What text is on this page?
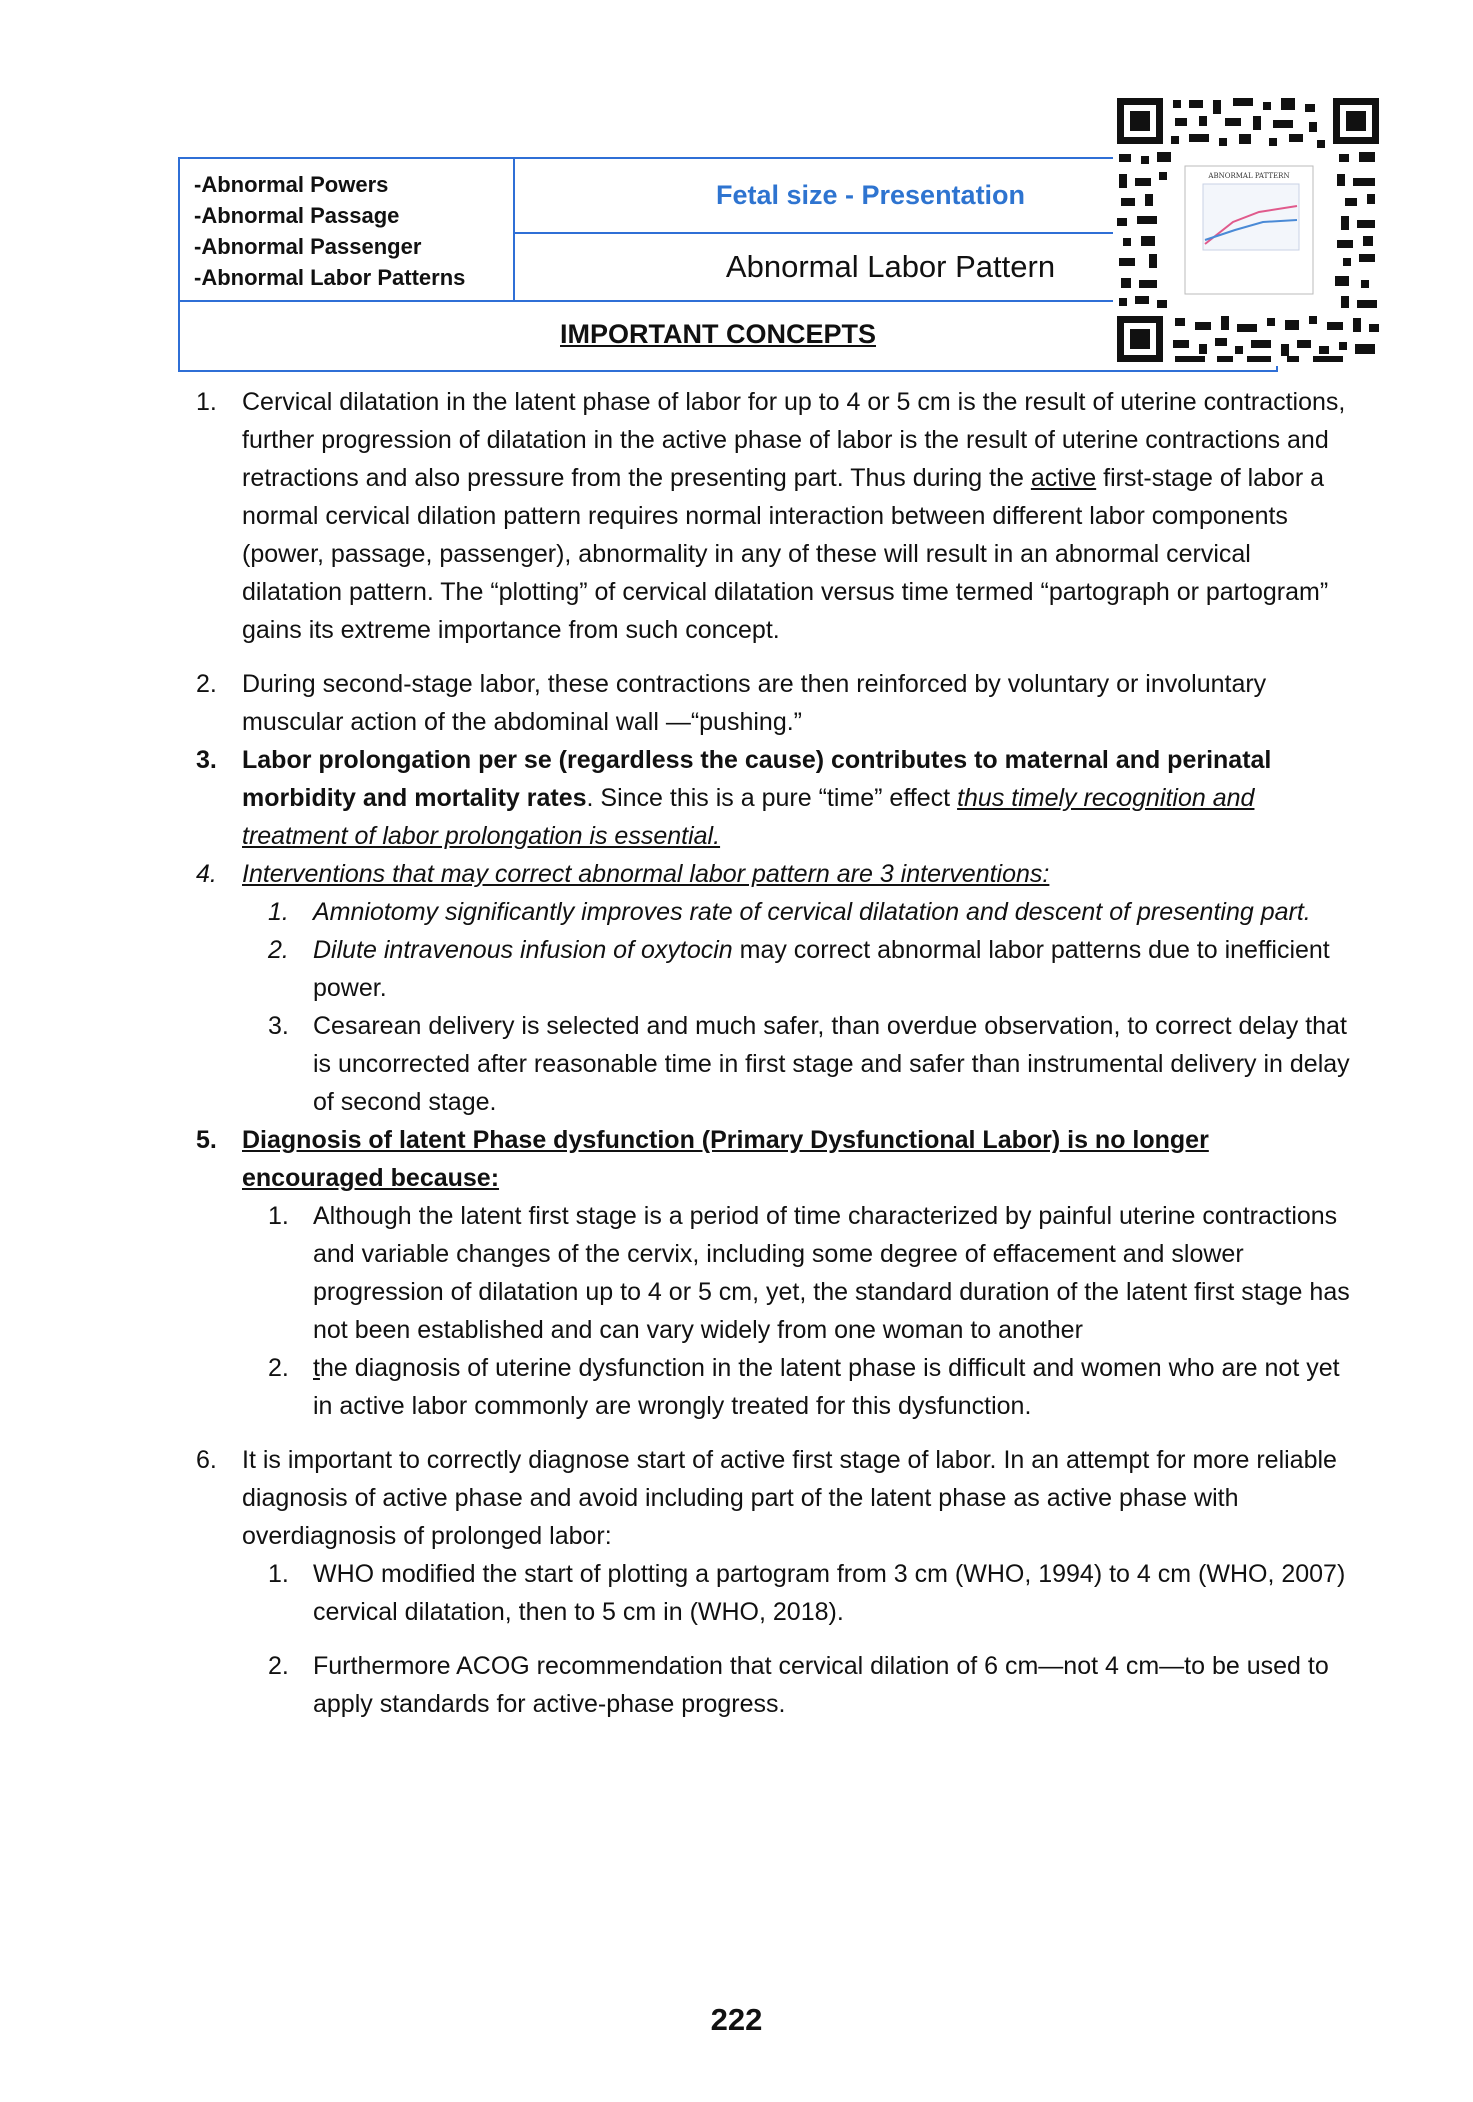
-Abnormal Powers
-Abnormal Passage
-Abnormal Passenger
-Abnormal Labor Patterns
Fetal size - Presentation
Abnormal Labor Pattern
IMPORTANT CONCEPTS
ABNORMAL PATTERN
1. Cervical dilatation in the latent phase of labor for up to 4 or 5 cm is the result of uterine contractions, further progression of dilatation in the active phase of labor is the result of uterine contractions and retractions and also pressure from the presenting part. Thus during the active first-stage of labor a normal cervical dilation pattern requires normal interaction between different labor components (power, passage, passenger), abnormality in any of these will result in an abnormal cervical dilatation pattern. The “plotting” of cervical dilatation versus time termed “partograph or partogram” gains its extreme importance from such concept.
2. During second-stage labor, these contractions are then reinforced by voluntary or involuntary muscular action of the abdominal wall —“pushing.”
3. Labor prolongation per se (regardless the cause) contributes to maternal and perinatal morbidity and mortality rates. Since this is a pure “time” effect thus timely recognition and treatment of labor prolongation is essential.
4. Interventions that may correct abnormal labor pattern are 3 interventions:
1. Amniotomy significantly improves rate of cervical dilatation and descent of presenting part.
2. Dilute intravenous infusion of oxytocin may correct abnormal labor patterns due to inefficient power.
3. Cesarean delivery is selected and much safer, than overdue observation, to correct delay that is uncorrected after reasonable time in first stage and safer than instrumental delivery in delay of second stage.
5. Diagnosis of latent Phase dysfunction (Primary Dysfunctional Labor) is no longer encouraged because:
1. Although the latent first stage is a period of time characterized by painful uterine contractions and variable changes of the cervix, including some degree of effacement and slower progression of dilatation up to 4 or 5 cm, yet, the standard duration of the latent first stage has not been established and can vary widely from one woman to another
2. the diagnosis of uterine dysfunction in the latent phase is difficult and women who are not yet in active labor commonly are wrongly treated for this dysfunction.
6. It is important to correctly diagnose start of active first stage of labor. In an attempt for more reliable diagnosis of active phase and avoid including part of the latent phase as active phase with overdiagnosis of prolonged labor:
1. WHO modified the start of plotting a partogram from 3 cm (WHO, 1994) to 4 cm (WHO, 2007) cervical dilatation, then to 5 cm in (WHO, 2018).
2. Furthermore ACOG recommendation that cervical dilation of 6 cm—not 4 cm—to be used to apply standards for active-phase progress.
222
